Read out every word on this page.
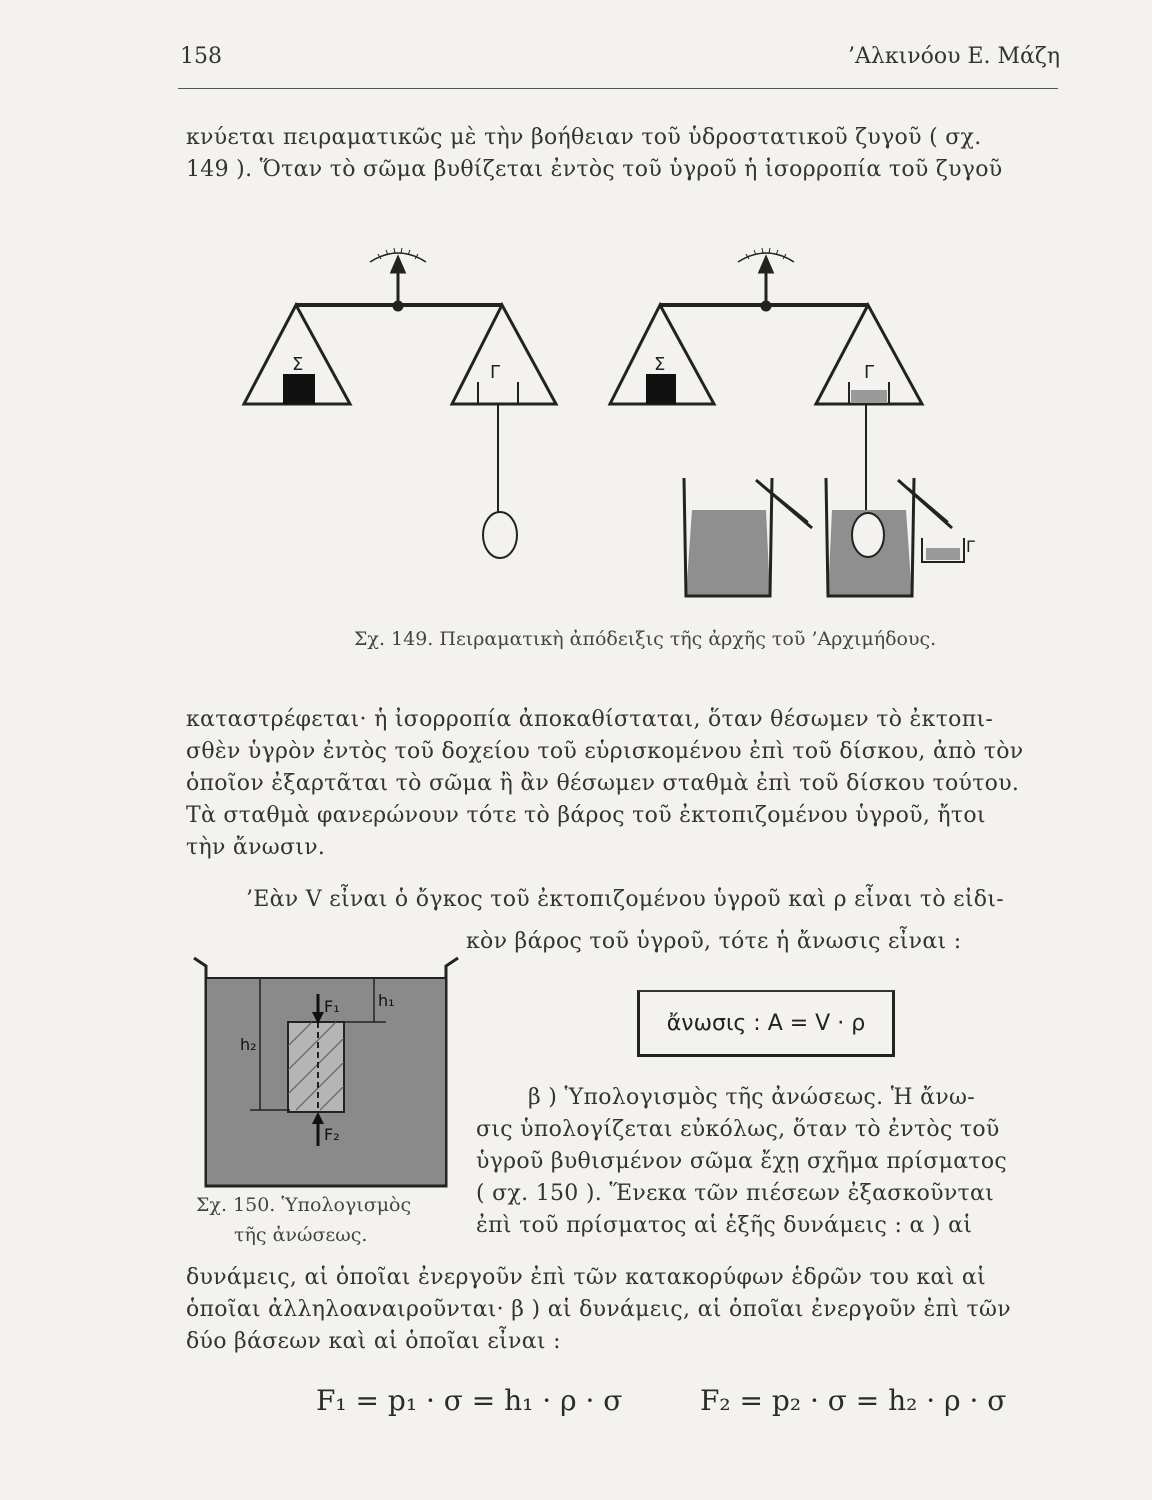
158	’Αλκινόου Ε. Μάζη
κνύεται πειραματικῶς μὲ τὴν βοήθειαν τοῦ ὑδροστατικοῦ ζυγοῦ ( σχ.
149 ). Ὅταν τὸ σῶμα βυθίζεται ἐντὸς τοῦ ὑγροῦ ἡ ἰσορροπία τοῦ ζυγοῦ
Σ	Γ	Σ	Γ
Γ
Σχ. 149. Πειραματικὴ ἀπόδειξις τῆς ἀρχῆς τοῦ ’Αρχιμήδους.
καταστρέφεται· ἡ ἰσορροπία ἀποκαθίσταται, ὅταν θέσωμεν τὸ ἐκτοπι-
σθὲν ὑγρὸν ἐντὸς τοῦ δοχείου τοῦ εὑρισκομένου ἐπὶ τοῦ δίσκου, ἀπὸ τὸν
ὁποῖον ἐξαρτᾶται τὸ σῶμα ἢ ἂν θέσωμεν σταθμὰ ἐπὶ τοῦ δίσκου τούτου.
Τὰ σταθμὰ φανερώνουν τότε τὸ βάρος τοῦ ἐκτοπιζομένου ὑγροῦ, ἤτοι
τὴν ἄνωσιν.
’Εὰν V εἶναι ὁ ὄγκος τοῦ ἐκτοπιζομένου ὑγροῦ καὶ ρ εἶναι τὸ εἰδι-
κὸν βάρος τοῦ ὑγροῦ, τότε ἡ ἄνωσις εἶναι :
F₁
F₂
h₁
h₂
Σχ. 150. Ὑπολογισμὸς
τῆς ἀνώσεως.
ἄνωσις : A = V · ρ
β ) Ὑπολογισμὸς τῆς ἀνώσεως. Ἡ ἄνω-
σις ὑπολογίζεται εὐκόλως, ὅταν τὸ ἐντὸς τοῦ
ὑγροῦ βυθισμένον σῶμα ἔχῃ σχῆμα πρίσματος
( σχ. 150 ). Ἕνεκα τῶν πιέσεων ἐξασκοῦνται
ἐπὶ τοῦ πρίσματος αἱ ἑξῆς δυνάμεις : α ) αἱ
δυνάμεις, αἱ ὁποῖαι ἐνεργοῦν ἐπὶ τῶν κατακορύφων ἑδρῶν του καὶ αἱ
ὁποῖαι ἀλληλοαναιροῦνται· β ) αἱ δυνάμεις, αἱ ὁποῖαι ἐνεργοῦν ἐπὶ τῶν
δύο βάσεων καὶ αἱ ὁποῖαι εἶναι :
F₁ = p₁ · σ = h₁ · ρ · σ	F₂ = p₂ · σ = h₂ · ρ · σ
